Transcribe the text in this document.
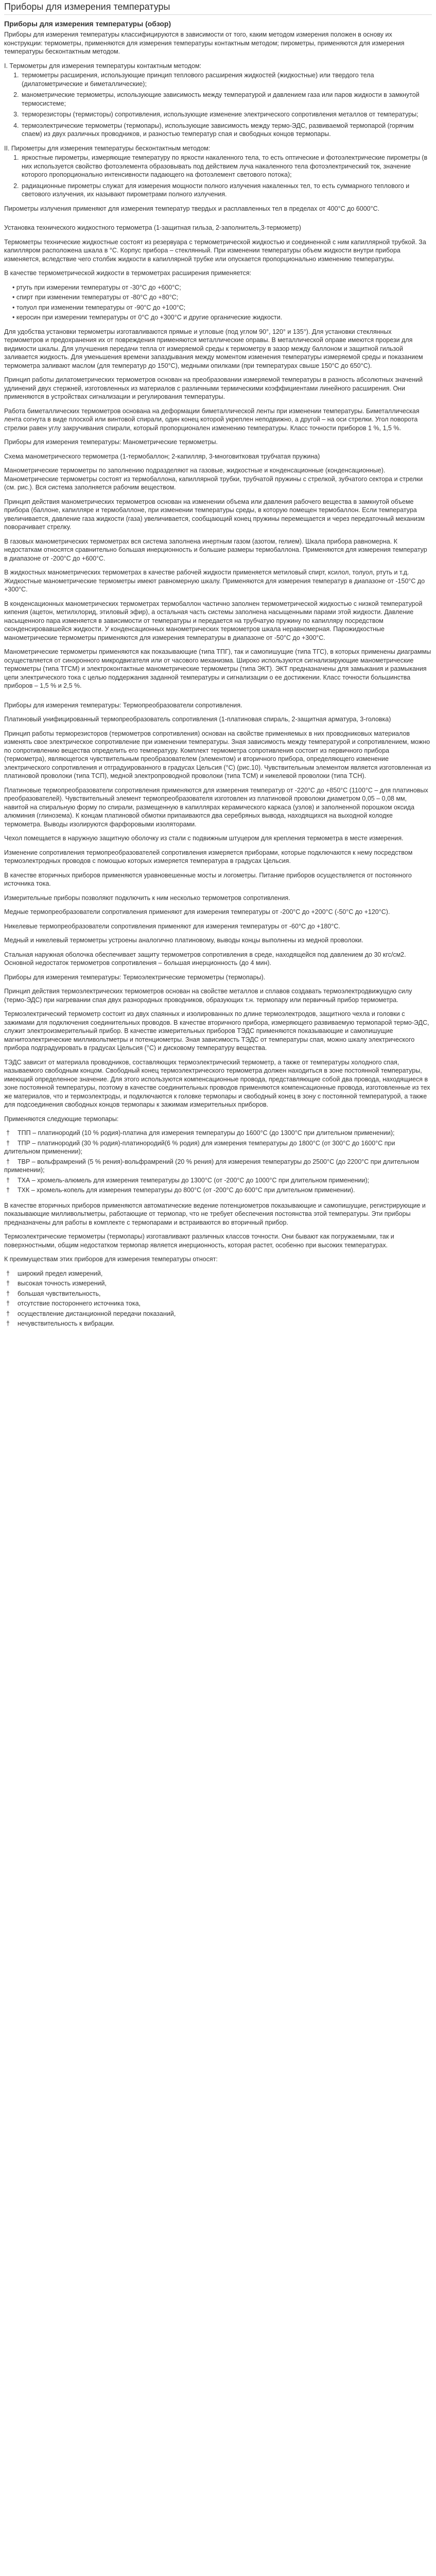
Приборы для измерения температуры
Приборы для измерения температуры (обзор)

Приборы для измерения температуры классифицируются в зависимости от того, каким методом измерения положен в основу их конструкции: термометры, применяются для измерения температуры контактным методом; пирометры, применяются для измерения температуры бесконтактным методом.

I. Термометры для измерения температуры контактным методом:
1. термометры расширения, использующие принцип теплового расширения жидкостей (жидкостные) или твердого тела (дилатометрические и биметаллические);
2. манометрические термометры, использующие зависимость между температурой и давлением газа или паров жидкости в замкнутой термосистеме;
3. терморезисторы (термисторы) сопротивления, использующие изменение электрического сопротивления металлов от температуры;
4. термоэлектрические термометры (термопары), использующие зависимость между термо-ЭДС, развиваемой термопарой (горячим спаем) из двух различных проводников, и разностью температур спая и свободных концов термопары.
II. Пирометры для измерения температуры бесконтактным методом:
1. яркостные пирометры, измеряющие температуру по яркости накаленного тела, то есть оптические и фотоэлектрические пирометры (в них используется свойство фотоэлемента образовывать под действием луча накаленного тела фотоэлектрический ток, значение которого пропорционально интенсивности падающего на фотоэлемент светового потока);
2. радиационные пирометры служат для измерения мощности полного излучения накаленных тел, то есть суммарного теплового и светового излучения, их называют пирометрами полного излучения.

Пирометры излучения применяют для измерения температур твердых и расплавленных тел в пределах от 400°С до 6000°С.

Установка технического жидкостного термометра (1-защитная гильза, 2-заполнитель,3-термометр)

Термометры технические жидкостные состоят из резервуара с термометрической жидкостью и соединенной с ним капиллярной трубкой. За капилляром расположена шкала в °С. Корпус прибора – стеклянный. При изменении температуры объем жидкости внутри прибора изменяется, вследствие чего столбик жидкости в капиллярной трубке или опускается пропорционально изменению температуры.

В качестве термометрической жидкости в термометрах расширения применяется:

• ртуть при измерении температуры от -30°С до +600°С;
• спирт при изменении температуры от -80°С до +80°С;
• толуол при изменении температуры от -90°С до +100°С;
• керосин при измерении температуры от 0°С до +300°С и другие органические жидкости.

Для удобства установки термометры изготавливаются прямые и угловые (под углом 90°, 120° и 135°). Для установки стеклянных термометров и предохранения их от повреждения применяются металлические оправы. В металлической оправе имеются прорези для видимости шкалы. Для улучшения передачи тепла от измеряемой среды к термометру в зазор между баллоном и защитной гильзой заливается жидкость. Для уменьшения времени запаздывания между моментом изменения температуры измеряемой среды и показанием термометра заливают маслом (для температур до 150°С), медными опилками (при температурах свыше 150°С до 650°С).

Принцип работы дилатометрических термометров основан на преобразовании измеряемой температуры в разность абсолютных значений удлинений двух стержней, изготовленных из материалов с различными термическими коэффициентами линейного расширения. Они применяются в устройствах сигнализации и регулирования температуры.

Работа биметаллических термометров основана на деформации биметаллической ленты при изменении температуры. Биметаллическая лента согнута в виде плоской или винтовой спирали, один конец которой укреплен неподвижно, а другой – на оси стрелки. Угол поворота стрелки равен углу закручивания спирали, который пропорционален изменению температуры. Класс точности приборов 1 %, 1,5 %.

Приборы для измерения температуры: Манометрические термометры.

Схема манометрического термометра (1-термобаллон; 2-капилляр, 3-многовитковая трубчатая пружина)

Манометрические термометры по заполнению подразделяют на газовые, жидкостные и конденсационные (конденсационные). Манометрические термометры состоят из термобаллона, капиллярной трубки, трубчатой пружины с стрелкой, зубчатого сектора и стрелки (см. рис.). Вся система заполняется рабочим веществом.

Принцип действия манометрических термометров основан на изменении объема или давления рабочего вещества в замкнутой объеме прибора (баллоне, капилляре и термобаллоне, при изменении температуры среды, в которую помещен термобаллон. Если температура увеличивается, давление газа жидкости (газа) увеличивается, сообщающий конец пружины перемещается и через передаточный механизм поворачивает стрелку.

В газовых манометрических термометрах вся система заполнена инертным газом (азотом, гелием). Шкала прибора равномерна. К недостаткам относятся сравнительно большая инерционность и большие размеры термобаллона. Применяются для измерения температур в диапазоне от -200°С до +600°С.

В жидкостных манометрических термометрах в качестве рабочей жидкости применяется метиловый спирт, ксилол, толуол, ртуть и т.д. Жидкостные манометрические термометры имеют равномерную шкалу. Применяются для измерения температур в диапазоне от -150°С до +300°С.

В конденсационных манометрических термометрах термобаллон частично заполнен термометрической жидкостью с низкой температурой кипения (ацетон, метилхлорид, этиловый эфир), а остальная часть системы заполнена насыщенными парами этой жидкости. Давление насыщенного пара изменяется в зависимости от температуры и передается на трубчатую пружину по капилляру посредством сконденсировавшейся жидкости. У конденсационных манометрических термометров шкала неравномерная. Парожидкостные манометрические термометры применяются для измерения температуры в диапазоне от -50°С до +300°С.

Манометрические термометры применяются как показывающие (типа ТПГ), так и самопишущие (типа ТГС), в которых применены диаграммы осуществляется от синхронного микродвигателя или от часового механизма. Широко используются сигнализирующие манометрические термометры (типа ТГСМ) и электроконтактные манометрические термометры (типа ЭКТ). ЭКТ предназначены для замыкания и размыкания цепи электрического тока с целью поддержания заданной температуры и сигнализации о ее достижении. Класс точности большинства приборов – 1,5 % и 2,5 %.

Приборы для измерения температуры: Термопреобразователи сопротивления.

Платиновый унифицированный термопреобразователь сопротивления (1-платиновая спираль, 2-защитная арматура, 3-головка)

Принцип работы терморезисторов (термометров сопротивления) основан на свойстве применяемых в них проводниковых материалов изменять свое электрическое сопротивление при изменении температуры. Зная зависимость между температурой и сопротивлением, можно по сопротивлению вещества определить его температуру. Комплект термометра сопротивления состоит из первичного прибора (термометра), являющегося чувствительным преобразователем (элементом) и вторичного прибора, определяющего изменение электрического сопротивления и отградуированного в градусах Цельсия (°С) (рис.10). Чувствительным элементом является изготовленная из платиновой проволоки (типа ТСП), медной электропроводной проволоки (типа ТСМ) и никелевой проволоки (типа ТСН).

Платиновые термопреобразователи сопротивления применяются для измерения температур от -220°С до +850°С (1100°С – для платиновых преобразователей). Чувствительный элемент термопреобразователя изготовлен из платиновой проволоки диаметром 0,05 – 0,08 мм, навитой на спиральную форму по спирали, размещенную в капиллярах керамического каркаса (узлов) и заполненной порошком оксида алюминия (глинозема). К концам платиновой обмотки припаиваются два серебряных вывода, находящихся на выходной колодке термометра. Выводы изолируются фарфоровыми изоляторами.

Чехол помещается в наружную защитную оболочку из стали с подвижным штуцером для крепления термометра в месте измерения.

Изменение сопротивления термопреобразователей сопротивления измеряется приборами, которые подключаются к нему посредством термоэлектродных проводов с помощью которых измеряется температура в градусах Цельсия.

В качестве вторичных приборов применяются уравновешенные мосты и логометры. Питание приборов осуществляется от постоянного источника тока.

Измерительные приборы позволяют подключить к ним несколько термометров сопротивления.

Медные термопреобразователи сопротивления применяют для измерения температуры от -200°С до +200°С (-50°С до +120°С).

Никелевые термопреобразователи сопротивления применяют для измерения температуры от -60°С до +180°С.

Медный и никелевый термометры устроены аналогично платиновому, выводы концы выполнены из медной проволоки.

Стальная наружная оболочка обеспечивает защиту термометров сопротивления в среде, находящейся под давлением до 30 кгс/см2. Основной недостаток термометров сопротивления – большая инерционность (до 4 мин).

Приборы для измерения температуры: Термоэлектрические термометры (термопары).

Принцип действия термоэлектрических термометров основан на свойстве металлов и сплавов создавать термоэлектродвижущую силу (термо-ЭДС) при нагревании спая двух разнородных проводников, образующих т.н. термопару или первичный прибор термометра.

Термоэлектрический термометр состоит из двух спаянных и изолированных по длине термоэлектродов, защитного чехла и головки с зажимами для подключения соединительных проводов. В качестве вторичного прибора, измеряющего развиваемую термопарой термо-ЭДС, служит электроизмерительный прибор. В качестве измерительных приборов ТЭДС применяются показывающие и самопишущие магнитоэлектрические милливольтметры и потенциометры. Зная зависимость ТЭДС от температуры спая, можно шкалу электрического прибора подградуировать в градусах Цельсия (°С) и дисковому температуру вещества.

ТЭДС зависит от материала проводников, составляющих термоэлектрический термометр, а также от температуры холодного спая, называемого свободным концом. Свободный конец термоэлектрического термометра должен находиться в зоне постоянной температуры, имеющий определенное значение. Для этого используются компенсационные провода, представляющие собой два провода, находящиеся в зоне постоянной температуры, поэтому в качестве соединительных проводов применяются компенсационные провода, изготовленные из тех же материалов, что и термоэлектроды, и подключаются к головке термопары и свободный конец в зону с постоянной температурой, а также для подсоединения свободных концов термопары к зажимам измерительных приборов.

Применяются следующие термопары:

† ТПП – платинородий (10 % родия)-платина для измерения температуры до 1600°С (до 1300°С при длительном применении);
† ТПР – платинородий (30 % родия)-платинородий(6 % родия) для измерения температуры до 1800°С (от 300°С до 1600°С при длительном применении);
† ТВР – вольфрамрений (5 % рения)-вольфрамрений (20 % рения) для измерения температуры до 2500°С (до 2200°С при длительном применении);
† ТХА – хромель-алюмель для измерения температуры до 1300°С (от -200°С до 1000°С при длительном применении);
† ТХК – хромель-копель для измерения температуры до 800°С (от -200°С до 600°С при длительном применении).

В качестве вторичных приборов применяются автоматические ведение потенциометров показывающие и самопишущие, регистрирующие и показывающие милливольтметры, работающие от термопар, что не требует обеспечения постоянства этой температуры. Эти приборы предназначены для работы в комплекте с термопарами и встраиваются во вторичный прибор.

Термоэлектрические термометры (термопары) изготавливают различных классов точности. Они бывают как погружаемыми, так и поверхностными, общим недостатком термопар является инерционность, которая растет, особенно при высоких температурах.

К преимуществам этих приборов для измерения температуры относят:

† широкий предел измерений,
† высокая точность измерений,
† большая чувствительность,
† отсутствие постороннего источника тока,
† осуществление дистанционной передачи показаний,
† нечувствительность к вибрации.
